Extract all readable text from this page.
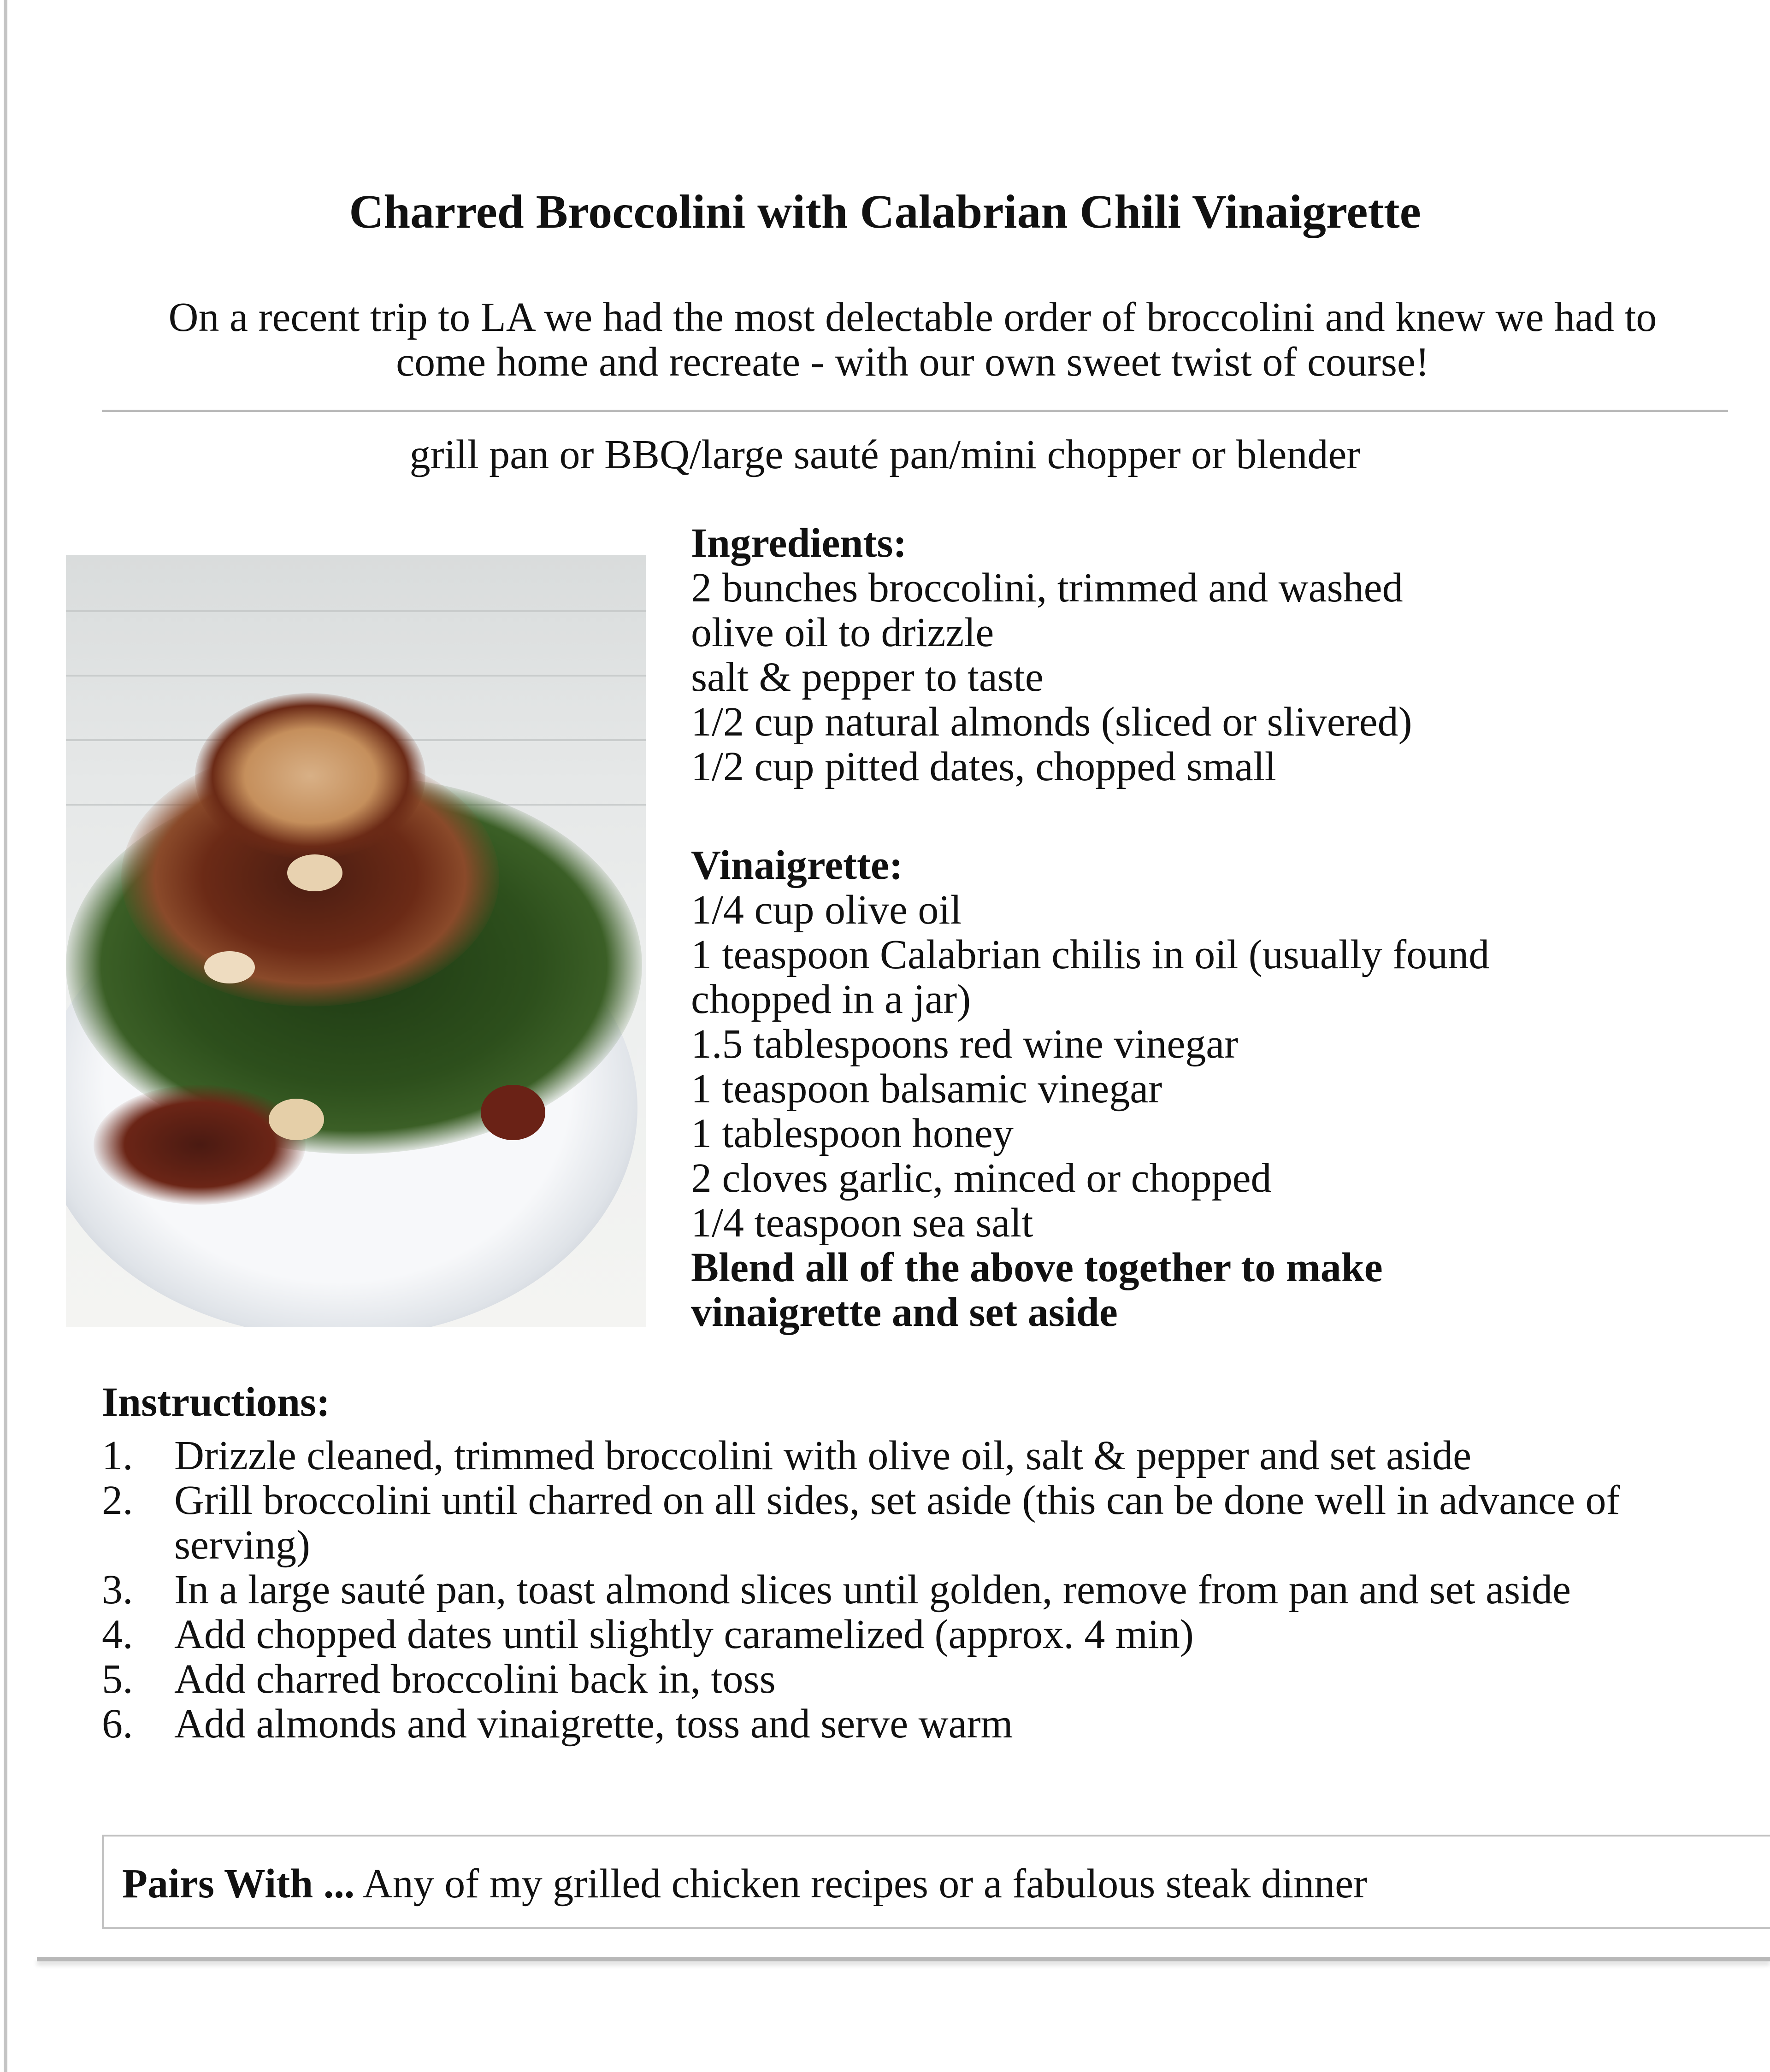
Charred Broccolini with Calabrian Chili Vinaigrette
On a recent trip to LA we had the most delectable order of broccolini and knew we had to
come home and recreate - with our own sweet twist of course!
grill pan or BBQ/large sauté pan/mini chopper or blender
Ingredients:
2 bunches broccolini, trimmed and washed
olive oil to drizzle
salt & pepper to taste
1/2 cup natural almonds (sliced or slivered)
1/2 cup pitted dates, chopped small
Vinaigrette:
1/4 cup olive oil
1 teaspoon Calabrian chilis in oil (usually found
chopped in a jar)
1.5 tablespoons red wine vinegar
1 teaspoon balsamic vinegar
1 tablespoon honey
2 cloves garlic, minced or chopped
1/4 teaspoon sea salt
Blend all of the above together to make
vinaigrette and set aside
Instructions:
1. Drizzle cleaned, trimmed broccolini with olive oil, salt & pepper and set aside
2. Grill broccolini until charred on all sides, set aside (this can be done well in advance of serving)
3. In a large sauté pan, toast almond slices until golden, remove from pan and set aside
4. Add chopped dates until slightly caramelized (approx. 4 min)
5. Add charred broccolini back in, toss
6. Add almonds and vinaigrette, toss and serve warm
Pairs With ... Any of my grilled chicken recipes or a fabulous steak dinner
